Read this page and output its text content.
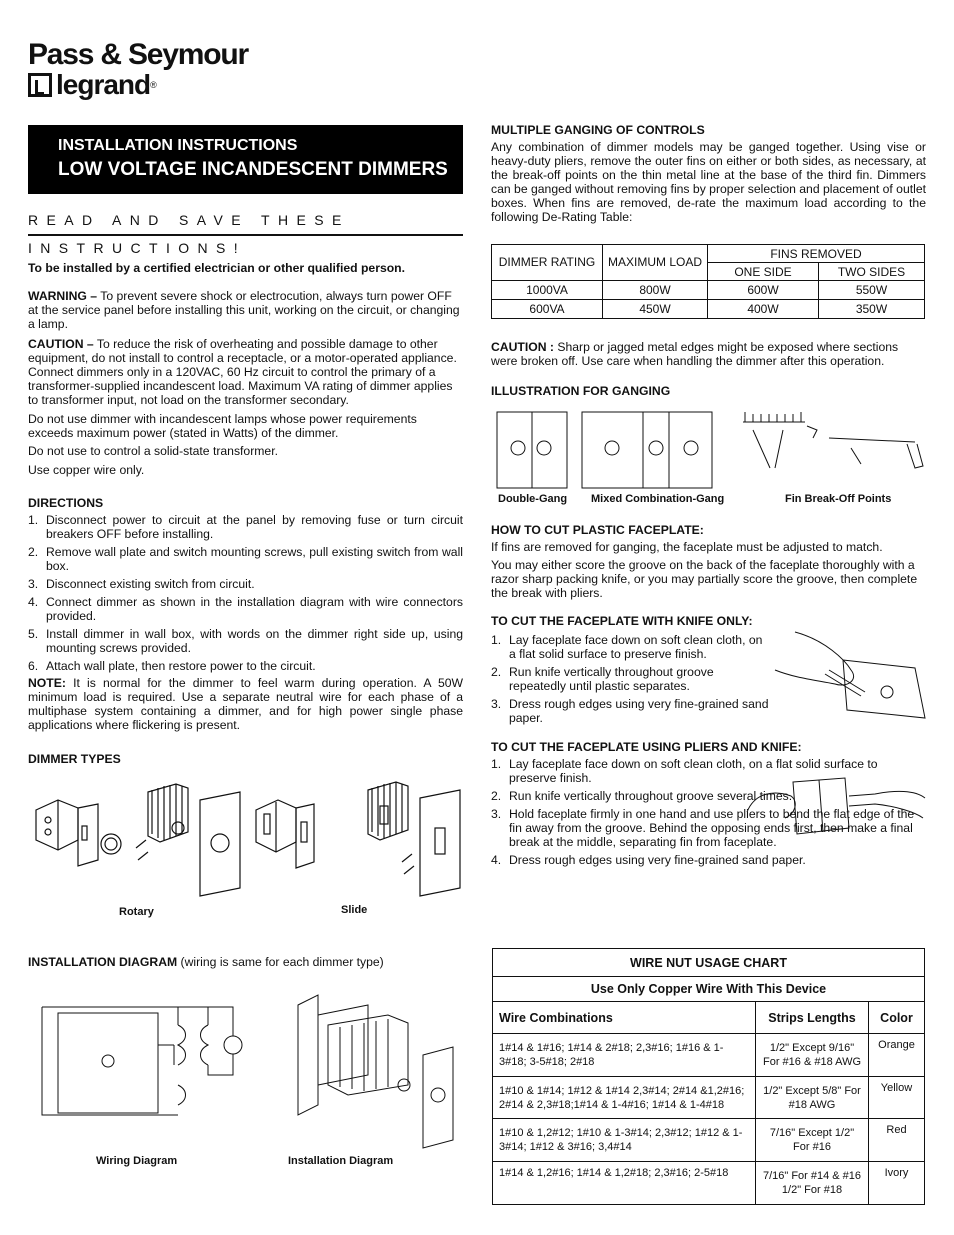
Pass & Seymour
legrand ®
INSTALLATION INSTRUCTIONS
LOW VOLTAGE INCANDESCENT DIMMERS
READ AND SAVE THESE INSTRUCTIONS!

To be installed by a certified electrician or other qualified person.

WARNING – To prevent severe shock or electrocution, always turn power OFF at the service panel before installing this unit, working on the circuit, or changing a lamp.

CAUTION – To reduce the risk of overheating and possible damage to other equipment, do not install to control a receptacle, or a motor-operated appliance. Connect dimmers only in a 120VAC, 60 Hz circuit to control the primary of a transformer-supplied incandescent load. Maximum VA rating of dimmer applies to transformer input, not load on the transformer secondary.

Do not use dimmer with incandescent lamps whose power requirements exceeds maximum power (stated in Watts) of the dimmer.

Do not use to control a solid-state transformer.

Use copper wire only.

DIRECTIONS

1. Disconnect power to circuit at the panel by removing fuse or turn circuit breakers OFF before installing.
2. Remove wall plate and switch mounting screws, pull existing switch from wall box.
3. Disconnect existing switch from circuit.
4. Connect dimmer as shown in the installation diagram with wire connectors provided.
5. Install dimmer in wall box, with words on the dimmer right side up, using mounting screws provided.
6. Attach wall plate, then restore power to the circuit.

NOTE: It is normal for the dimmer to feel warm during operation. A 50W minimum load is required. Use a separate neutral wire for each phase of a multiphase system containing a dimmer, and for high power single phase applications where flickering is present.

DIMMER TYPES
Rotary	Slide
INSTALLATION DIAGRAM (wiring is same for each dimmer type)
Wiring Diagram	Installation Diagram

MULTIPLE GANGING OF CONTROLS

Any combination of dimmer models may be ganged together. Using vise or heavy-duty pliers, remove the outer fins on either or both sides, as necessary, at the break-off points on the thin metal line at the base of the third fin. Dimmers can be ganged without removing fins by proper selection and placement of outlet boxes. When fins are removed, de-rate the maximum load according to the following De-Rating Table:

DIMMER RATING	MAXIMUM LOAD	FINS REMOVED	
		ONE SIDE	TWO SIDES
1000VA	800W	600W	550W
600VA	450W	400W	350W

CAUTION : Sharp or jagged metal edges might be exposed where sections were broken off. Use care when handling the dimmer after this operation.

ILLUSTRATION FOR GANGING

Double-Gang Mixed Combination-Gang	Fin Break-Off Points

HOW TO CUT PLASTIC FACEPLATE:

If fins are removed for ganging, the faceplate must be adjusted to match.

You may either score the groove on the back of the faceplate thoroughly with a razor sharp packing knife, or you may partially score the groove, then complete the break with pliers.

TO CUT THE FACEPLATE WITH KNIFE ONLY:

1. Lay faceplate face down on soft clean cloth, on a flat solid surface to preserve finish.
2. Run knife vertically throughout groove repeatedly until plastic separates.
3. Dress rough edges using very fine-grained sand paper.

TO CUT THE FACEPLATE USING PLIERS AND KNIFE:

1. Lay faceplate face down on soft clean cloth, on a flat solid surface to preserve finish.
2. Run knife vertically throughout groove several times.
3. Hold faceplate firmly in one hand and use pliers to bend the flat edge of the fin away from the groove. Behind the opposing ends first, then make a final break at the middle, separating fin from faceplate.
4. Dress rough edges using very fine-grained sand paper.
WIRE NUT USAGE CHART		
Use Only Copper Wire With This Device		
Wire Combinations	Strips Lengths	Color
1#14 & 1#16; 1#14 & 2#18; 2,3#16; 1#16 & 1-3#18; 3-5#18; 2#18	1/2" Except 9/16" For #16 & #18 AWG	Orange
1#10 & 1#14; 1#12 & 1#14 2,3#14; 2#14 &1,2#16; 2#14 & 2,3#18;1#14 & 1-4#16; 1#14 & 1-4#18	1/2" Except 5/8" For #18 AWG	Yellow
1#10 & 1,2#12; 1#10 & 1-3#14; 2,3#12; 1#12 & 1-3#14; 1#12 & 3#16; 3,4#14	7/16" Except 1/2" For #16	Red
1#14 & 1,2#16; 1#14 & 1,2#18; 2,3#16; 2-5#18	7/16" For #14 & #16 1/2" For #18	Ivory
